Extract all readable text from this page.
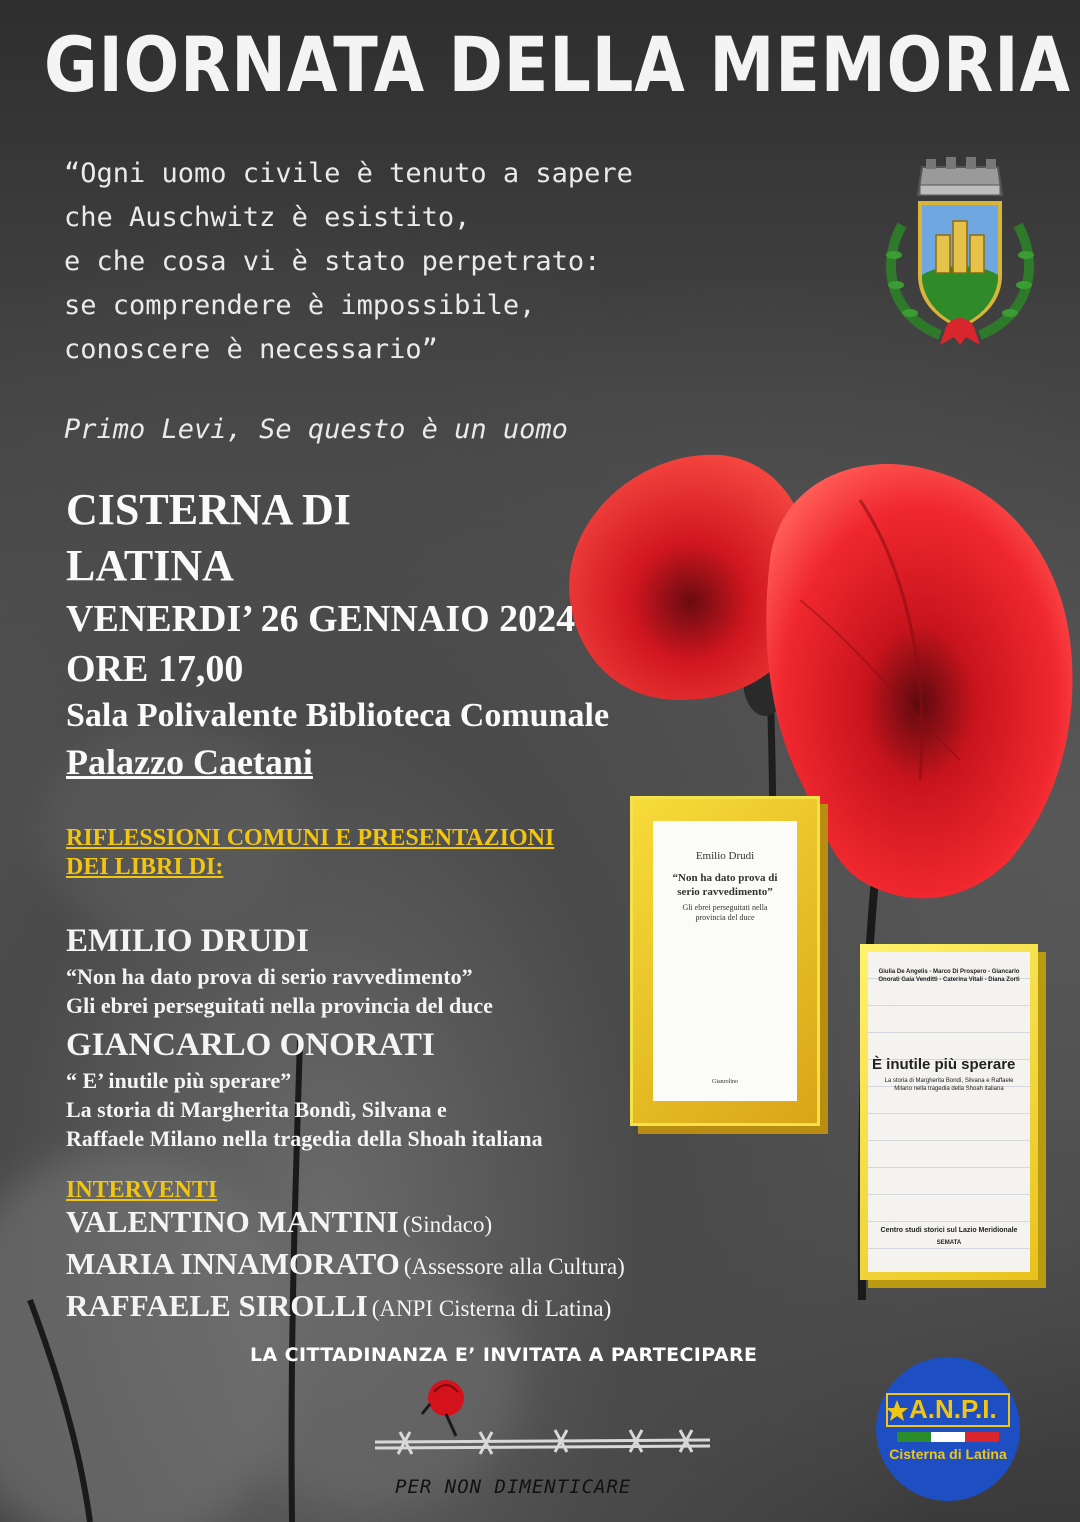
GIORNATA DELLA MEMORIA
“Ogni uomo civile è tenuto a sapere
che Auschwitz è esistito,
e che cosa vi è stato perpetrato:
se comprendere è impossibile,
conoscere è necessario”
Primo Levi, Se questo è un uomo
CISTERNA DI
LATINA
VENERDI’ 26 GENNAIO 2024
ORE 17,00
Sala Polivalente Biblioteca Comunale
Palazzo Caetani
RIFLESSIONI COMUNI E PRESENTAZIONI
DEI LIBRI DI:
EMILIO DRUDI
“Non ha dato prova di serio ravvedimento”
Gli ebrei perseguitati nella provincia del duce
GIANCARLO ONORATI
“ E’ inutile più sperare”
La storia di Margherita Bondì, Silvana e
Raffaele Milano nella tragedia della Shoah italiana
Emilio Drudi
“Non ha dato prova di serio ravvedimento”
Gli ebrei perseguitati nella provincia del duce
Gianrolino
Giulia De Angelis - Marco Di Prospero - Giancarlo Onorati Gaia Vendittì - Caterina Vitali - Diana Zortì
È inutile più sperare
La storia di Margherita Bondì, Silvana e Raffaele Milano nella tragedia della Shoah italiana
Centro studi storici sul Lazio Meridionale
SEMATA
INTERVENTI
VALENTINO MANTINI (Sindaco)
MARIA INNAMORATO (Assessore alla Cultura)
RAFFAELE SIROLLI (ANPI Cisterna di Latina)
LA CITTADINANZA E’ INVITATA A PARTECIPARE
PER NON DIMENTICARE
A.N.P.I.
Cisterna di Latina
